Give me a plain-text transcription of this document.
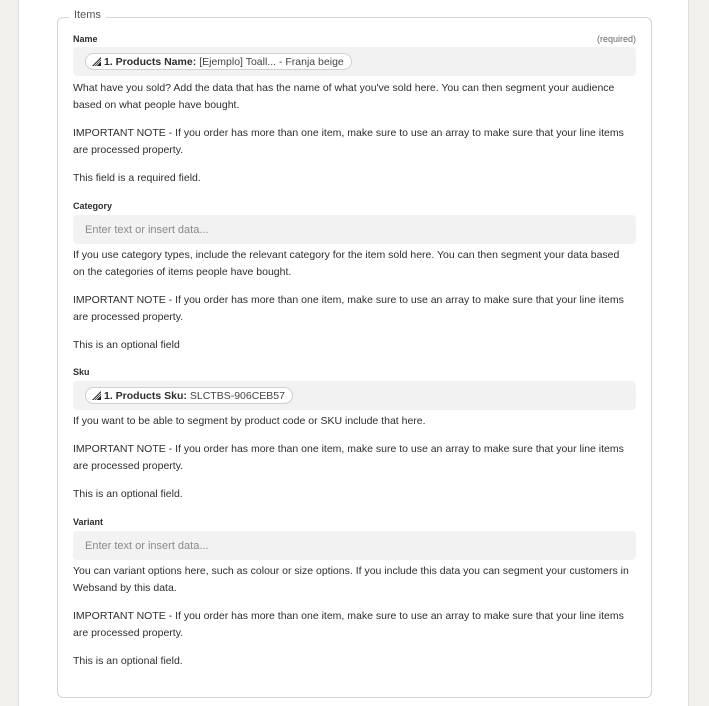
Items
Name	(required)
1. Products Name: [Ejemplo] Toall... - Franja beige

What have you sold? Add the data that has the name of what you've sold here. You can then segment your audience based on what people have bought.

IMPORTANT NOTE - If you order has more than one item, make sure to use an array to make sure that your line items are processed property.

This field is a required field.

Category
Enter text or insert data...

If you use category types, include the relevant category for the item sold here. You can then segment your data based on the categories of items people have bought.

IMPORTANT NOTE - If you order has more than one item, make sure to use an array to make sure that your line items are processed property.

This is an optional field

Sku
1. Products Sku: SLCTBS-906CEB57

If you want to be able to segment by product code or SKU include that here.

IMPORTANT NOTE - If you order has more than one item, make sure to use an array to make sure that your line items are processed property.

This is an optional field.

Variant
Enter text or insert data...

You can variant options here, such as colour or size options. If you include this data you can segment your customers in Websand by this data.

IMPORTANT NOTE - If you order has more than one item, make sure to use an array to make sure that your line items are processed property.

This is an optional field.
